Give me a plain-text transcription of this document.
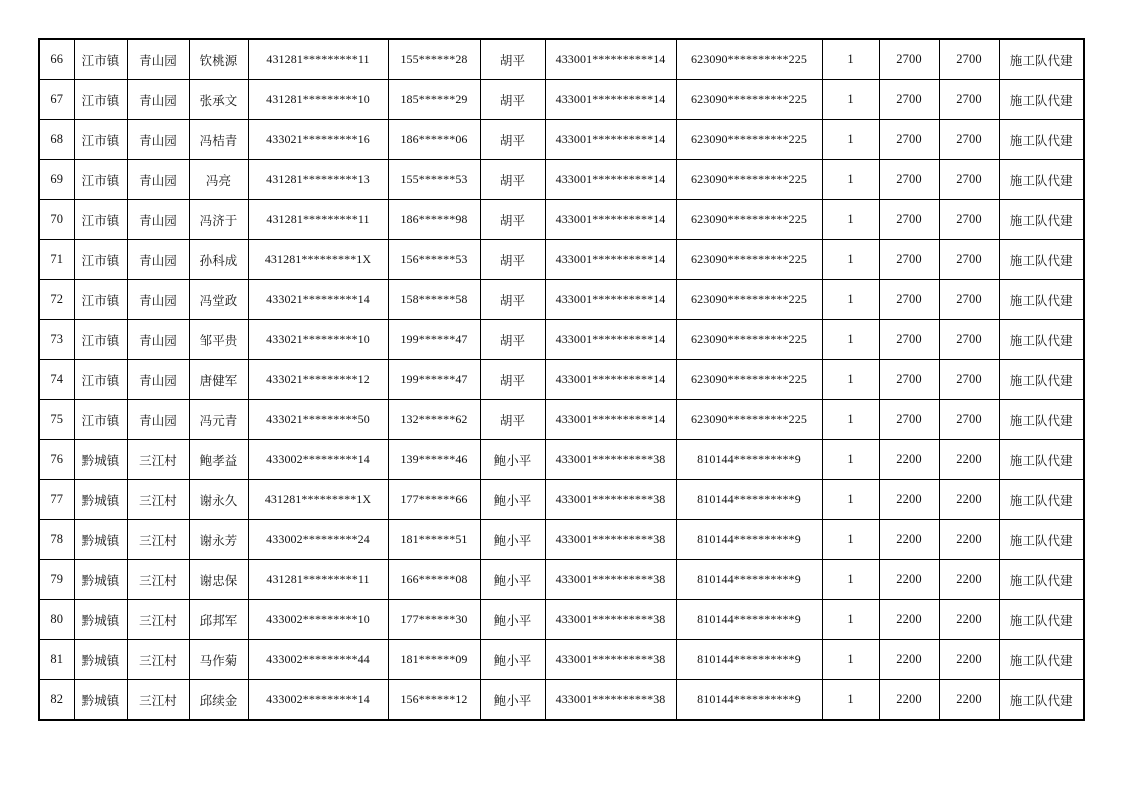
66	江市镇	青山园	钦桃源	431281*********11	155******28	胡平	433001**********14	623090**********225	1	2700	2700	施工队代建
67	江市镇	青山园	张承文	431281*********10	185******29	胡平	433001**********14	623090**********225	1	2700	2700	施工队代建
68	江市镇	青山园	冯桔青	433021*********16	186******06	胡平	433001**********14	623090**********225	1	2700	2700	施工队代建
69	江市镇	青山园	冯亮	431281*********13	155******53	胡平	433001**********14	623090**********225	1	2700	2700	施工队代建
70	江市镇	青山园	冯济于	431281*********11	186******98	胡平	433001**********14	623090**********225	1	2700	2700	施工队代建
71	江市镇	青山园	孙科成	431281*********1X	156******53	胡平	433001**********14	623090**********225	1	2700	2700	施工队代建
72	江市镇	青山园	冯堂政	433021*********14	158******58	胡平	433001**********14	623090**********225	1	2700	2700	施工队代建
73	江市镇	青山园	邹平贵	433021*********10	199******47	胡平	433001**********14	623090**********225	1	2700	2700	施工队代建
74	江市镇	青山园	唐健军	433021*********12	199******47	胡平	433001**********14	623090**********225	1	2700	2700	施工队代建
75	江市镇	青山园	冯元青	433021*********50	132******62	胡平	433001**********14	623090**********225	1	2700	2700	施工队代建
76	黔城镇	三江村	鲍孝益	433002*********14	139******46	鲍小平	433001**********38	810144**********9	1	2200	2200	施工队代建
77	黔城镇	三江村	谢永久	431281*********1X	177******66	鲍小平	433001**********38	810144**********9	1	2200	2200	施工队代建
78	黔城镇	三江村	谢永芳	433002*********24	181******51	鲍小平	433001**********38	810144**********9	1	2200	2200	施工队代建
79	黔城镇	三江村	谢忠保	431281*********11	166******08	鲍小平	433001**********38	810144**********9	1	2200	2200	施工队代建
80	黔城镇	三江村	邱邦军	433002*********10	177******30	鲍小平	433001**********38	810144**********9	1	2200	2200	施工队代建
81	黔城镇	三江村	马作菊	433002*********44	181******09	鲍小平	433001**********38	810144**********9	1	2200	2200	施工队代建
82	黔城镇	三江村	邱续金	433002*********14	156******12	鲍小平	433001**********38	810144**********9	1	2200	2200	施工队代建
